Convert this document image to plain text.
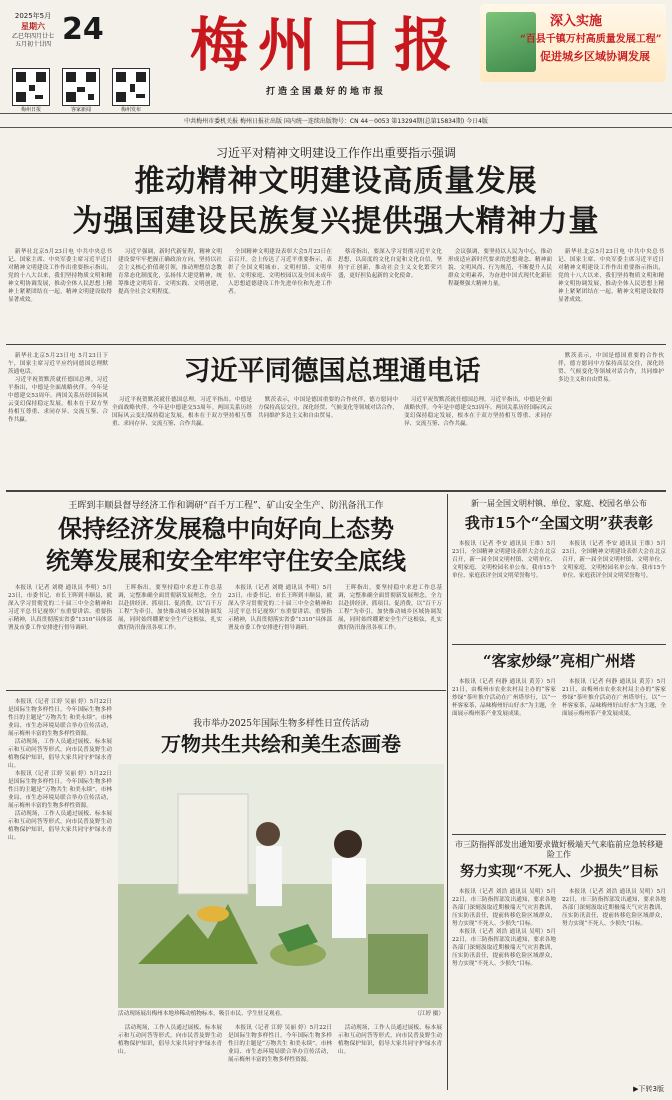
2025年5月
星期六
乙巳年四月廿七
五月初十廿四 24
梅州日报	客家新闻	梅州发布
梅州日报
打造全国最好的地市报
深入实施
“百县千镇万村高质量发展工程”
促进城乡区域协调发展
中共梅州市委机关报 梅州日报社出版 国内统一连续出版物号：CN 44－0053 第13294期(总第15834期) 今日4版
习近平对精神文明建设工作作出重要指示强调
推动精神文明建设高质量发展
为强国建设民族复兴提供强大精神力量

新华社北京5月23日电 中共中央总书记、国家主席、中央军委主席习近平近日对精神文明建设工作作出重要指示指出，党的十八大以来，我们坚持物质文明和精神文明协调发展，推动全体人民思想上精神上紧紧团结在一起，精神文明建设取得显著成效。

习近平强调，新时代新征程，精神文明建设要牢牢把握正确政治方向，坚持以社会主义核心价值观引领，推动理想信念教育常态化制度化，弘扬伟大建党精神，统筹推进文明培育、文明实践、文明创建，提高全社会文明程度。

全国精神文明建设表彰大会5月23日在京召开。会上传达了习近平重要指示，表彰了全国文明城市、文明村镇、文明单位、文明家庭、文明校园以及全国未成年人思想道德建设工作先进单位和先进工作者。

蔡奇指出，要深入学习贯彻习近平文化思想，以高度的文化自觉和文化自信，坚持守正创新，推动社会主义文化繁荣兴盛，更好担负起新的文化使命。

会议强调，要坚持以人民为中心，推动形成适应新时代要求的思想观念、精神面貌、文明风尚、行为规范，不断提升人民群众文明素养，为奋进中国式现代化新征程凝聚强大精神力量。

新华社北京5月23日电 中共中央总书记、国家主席、中央军委主席习近平近日对精神文明建设工作作出重要指示指出，党的十八大以来，我们坚持物质文明和精神文明协调发展，推动全体人民思想上精神上紧紧团结在一起，精神文明建设取得显著成效。

新华社北京5月23日电 5月23日下午，国家主席习近平应约同德国总理默茨通电话。

习近平祝贺默茨就任德国总理。习近平指出，中德是全面战略伙伴。今年是中德建交53周年。两国关系历经国际风云变幻保持稳定发展，根本在于双方坚持相互尊重、求同存异、交流互鉴、合作共赢。

习近平同德国总理通电话

习近平祝贺默茨就任德国总理。习近平指出，中德是全面战略伙伴。今年是中德建交53周年。两国关系历经国际风云变幻保持稳定发展，根本在于双方坚持相互尊重、求同存异、交流互鉴、合作共赢。

默茨表示，中国是德国重要的合作伙伴，德方愿同中方保持高层交往，深化经贸、气候变化等领域对话合作，共同维护多边主义和自由贸易。

习近平祝贺默茨就任德国总理。习近平指出，中德是全面战略伙伴。今年是中德建交53周年。两国关系历经国际风云变幻保持稳定发展，根本在于双方坚持相互尊重、求同存异、交流互鉴、合作共赢。

默茨表示，中国是德国重要的合作伙伴，德方愿同中方保持高层交往，深化经贸、气候变化等领域对话合作，共同维护多边主义和自由贸易。

王晖到丰顺县督导经济工作和调研“百千万工程”、矿山安全生产、防汛备汛工作
保持经济发展稳中向好向上态势
统筹发展和安全牢牢守住安全底线

本报讯（记者 刘晓 通讯员 李明）5月23日，市委书记、市长王晖到丰顺县，就深入学习贯彻党的二十届三中全会精神和习近平总书记视察广东重要讲话、重要指示精神，认真贯彻落实省委“1310”具体部署及市委工作安排进行督导调研。

王晖指出，要坚持稳中求进工作总基调，完整准确全面贯彻新发展理念，全力以赴拼经济、抓项目、促消费，以“百千万工程”为牵引，加快推动城乡区域协调发展，同时始终绷紧安全生产这根弦，扎实做好防汛备汛各项工作。

本报讯（记者 刘晓 通讯员 李明）5月23日，市委书记、市长王晖到丰顺县，就深入学习贯彻党的二十届三中全会精神和习近平总书记视察广东重要讲话、重要指示精神，认真贯彻落实省委“1310”具体部署及市委工作安排进行督导调研。

王晖指出，要坚持稳中求进工作总基调，完整准确全面贯彻新发展理念，全力以赴拼经济、抓项目、促消费，以“百千万工程”为牵引，加快推动城乡区域协调发展，同时始终绷紧安全生产这根弦，扎实做好防汛备汛各项工作。

本报讯（记者 江婷 吴丽 婷）5月22日是国际生物多样性日，今年国际生物多样性日的主题是“万物共生 和美永续”。市林业局、市生态环境局联合举办宣传活动，展示梅州丰富的生物多样性资源。

活动现场，工作人员通过展板、标本展示和互动问答等形式，向市民普及野生动植物保护知识，倡导大家共同守护绿水青山。

本报讯（记者 江婷 吴丽 婷）5月22日是国际生物多样性日，今年国际生物多样性日的主题是“万物共生 和美永续”。市林业局、市生态环境局联合举办宣传活动，展示梅州丰富的生物多样性资源。

活动现场，工作人员通过展板、标本展示和互动问答等形式，向市民普及野生动植物保护知识，倡导大家共同守护绿水青山。

我市举办2025年国际生物多样性日宣传活动
万物共生共绘和美生态画卷
活动现场展出梅州本地珍稀动植物标本，吸引市民、学生驻足观看。	（江婷 摄）

活动现场，工作人员通过展板、标本展示和互动问答等形式，向市民普及野生动植物保护知识，倡导大家共同守护绿水青山。

本报讯（记者 江婷 吴丽 婷）5月22日是国际生物多样性日，今年国际生物多样性日的主题是“万物共生 和美永续”。市林业局、市生态环境局联合举办宣传活动，展示梅州丰富的生物多样性资源。

活动现场，工作人员通过展板、标本展示和互动问答等形式，向市民普及野生动植物保护知识，倡导大家共同守护绿水青山。

新一届全国文明村镇、单位、家庭、校园名单公布
我市15个“全国文明”获表彰

本报讯（记者 李安 通讯员 王维）5月23日，全国精神文明建设表彰大会在北京召开，新一届全国文明村镇、文明单位、文明家庭、文明校园名单公布，我市15个单位、家庭获评全国文明荣誉称号。

本报讯（记者 李安 通讯员 王维）5月23日，全国精神文明建设表彰大会在北京召开，新一届全国文明村镇、文明单位、文明家庭、文明校园名单公布，我市15个单位、家庭获评全国文明荣誉称号。

“客家炒绿”亮相广州塔

本报讯（记者 何静 通讯员 黄芳）5月21日，由梅州市农业农村局主办的“客家炒绿”茶叶推介活动在广州塔举行，以“一杯客家茶，品味梅州好山好水”为主题，全面展示梅州茶产业发展成果。

本报讯（记者 何静 通讯员 黄芳）5月21日，由梅州市农业农村局主办的“客家炒绿”茶叶推介活动在广州塔举行，以“一杯客家茶，品味梅州好山好水”为主题，全面展示梅州茶产业发展成果。

市三防指挥部发出通知要求做好极端天气来临前应急转移避险工作
努力实现“不死人、少损失”目标

本报讯（记者 刘浩 通讯员 吴明）5月22日，市三防指挥部发出通知，要求各地各部门深刻汲取近期极端天气灾害教训，压实防汛责任，提前转移危险区域群众，努力实现“不死人、少损失”目标。

本报讯（记者 刘浩 通讯员 吴明）5月22日，市三防指挥部发出通知，要求各地各部门深刻汲取近期极端天气灾害教训，压实防汛责任，提前转移危险区域群众，努力实现“不死人、少损失”目标。

本报讯（记者 刘浩 通讯员 吴明）5月22日，市三防指挥部发出通知，要求各地各部门深刻汲取近期极端天气灾害教训，压实防汛责任，提前转移危险区域群众，努力实现“不死人、少损失”目标。

▶下转3版
